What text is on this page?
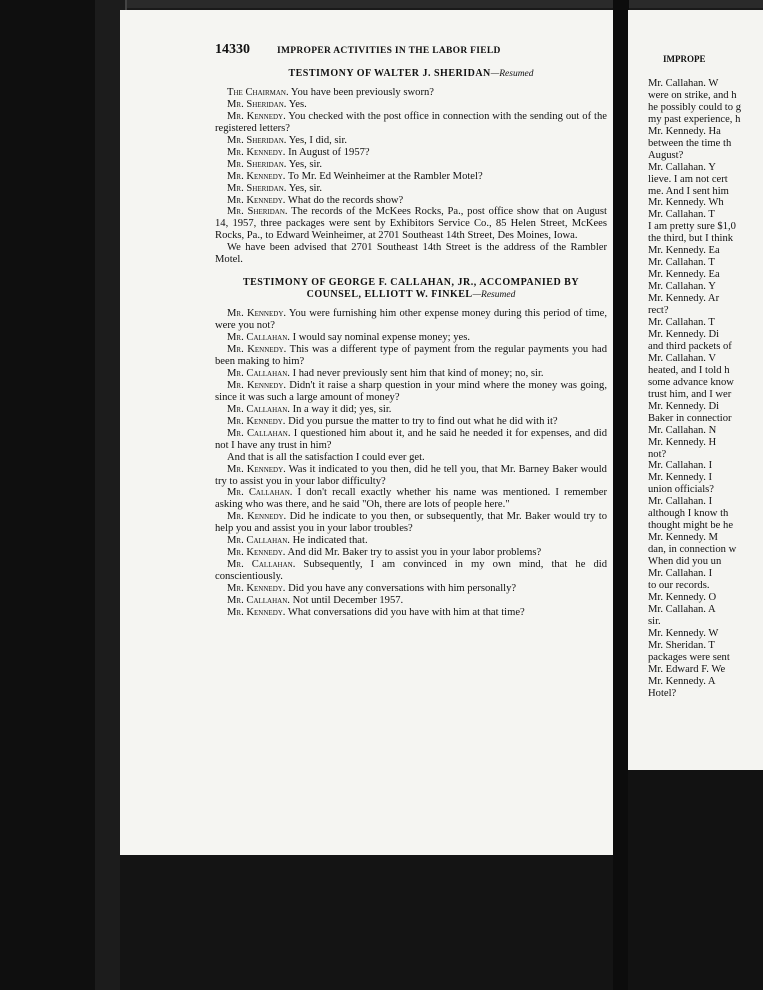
14330	IMPROPER ACTIVITIES IN THE LABOR FIELD
TESTIMONY OF WALTER J. SHERIDAN—Resumed

The Chairman. You have been previously sworn?

Mr. Sheridan. Yes.

Mr. Kennedy. You checked with the post office in connection with the sending out of the registered letters?

Mr. Sheridan. Yes, I did, sir.

Mr. Kennedy. In August of 1957?

Mr. Sheridan. Yes, sir.

Mr. Kennedy. To Mr. Ed Weinheimer at the Rambler Motel?

Mr. Sheridan. Yes, sir.

Mr. Kennedy. What do the records show?

Mr. Sheridan. The records of the McKees Rocks, Pa., post office show that on August 14, 1957, three packages were sent by Exhibitors Service Co., 85 Helen Street, McKees Rocks, Pa., to Edward Weinheimer, at 2701 Southeast 14th Street, Des Moines, Iowa.

We have been advised that 2701 Southeast 14th Street is the address of the Rambler Motel.

TESTIMONY OF GEORGE F. CALLAHAN, JR., ACCOMPANIED BY
COUNSEL, ELLIOTT W. FINKEL—Resumed

Mr. Kennedy. You were furnishing him other expense money during this period of time, were you not?

Mr. Callahan. I would say nominal expense money; yes.

Mr. Kennedy. This was a different type of payment from the regular payments you had been making to him?

Mr. Callahan. I had never previously sent him that kind of money; no, sir.

Mr. Kennedy. Didn't it raise a sharp question in your mind where the money was going, since it was such a large amount of money?

Mr. Callahan. In a way it did; yes, sir.

Mr. Kennedy. Did you pursue the matter to try to find out what he did with it?

Mr. Callahan. I questioned him about it, and he said he needed it for expenses, and did not I have any trust in him?

And that is all the satisfaction I could ever get.

Mr. Kennedy. Was it indicated to you then, did he tell you, that Mr. Barney Baker would try to assist you in your labor difficulty?

Mr. Callahan. I don't recall exactly whether his name was mentioned. I remember asking who was there, and he said "Oh, there are lots of people here."

Mr. Kennedy. Did he indicate to you then, or subsequently, that Mr. Baker would try to help you and assist you in your labor troubles?

Mr. Callahan. He indicated that.

Mr. Kennedy. And did Mr. Baker try to assist you in your labor problems?

Mr. Callahan. Subsequently, I am convinced in my own mind, that he did conscientiously.

Mr. Kennedy. Did you have any conversations with him personally?

Mr. Callahan. Not until December 1957.

Mr. Kennedy. What conversations did you have with him at that time?

IMPROPE
Mr. Callahan. W
were on strike, and h
he possibly could to g
my past experience, h
Mr. Kennedy. Ha
between the time th
August?
Mr. Callahan. Y
lieve. I am not cert
me. And I sent him
Mr. Kennedy. Wh
Mr. Callahan. T
I am pretty sure $1,0
the third, but I think
Mr. Kennedy. Ea
Mr. Callahan. T
Mr. Kennedy. Ea
Mr. Callahan. Y
Mr. Kennedy. Ar
rect?
Mr. Callahan. T
Mr. Kennedy. Di
and third packets of
Mr. Callahan. V
heated, and I told h
some advance know
trust him, and I wer
Mr. Kennedy. Di
Baker in connectior
Mr. Callahan. N
Mr. Kennedy. H
not?
Mr. Callahan. I
Mr. Kennedy. I
union officials?
Mr. Callahan. I
although I know th
thought might be he
Mr. Kennedy. M
dan, in connection w
When did you un
Mr. Callahan. I
to our records.
Mr. Kennedy. O
Mr. Callahan. A
sir.
Mr. Kennedy. W
Mr. Sheridan. T
packages were sent
Mr. Edward F. We
Mr. Kennedy. A
Hotel?
